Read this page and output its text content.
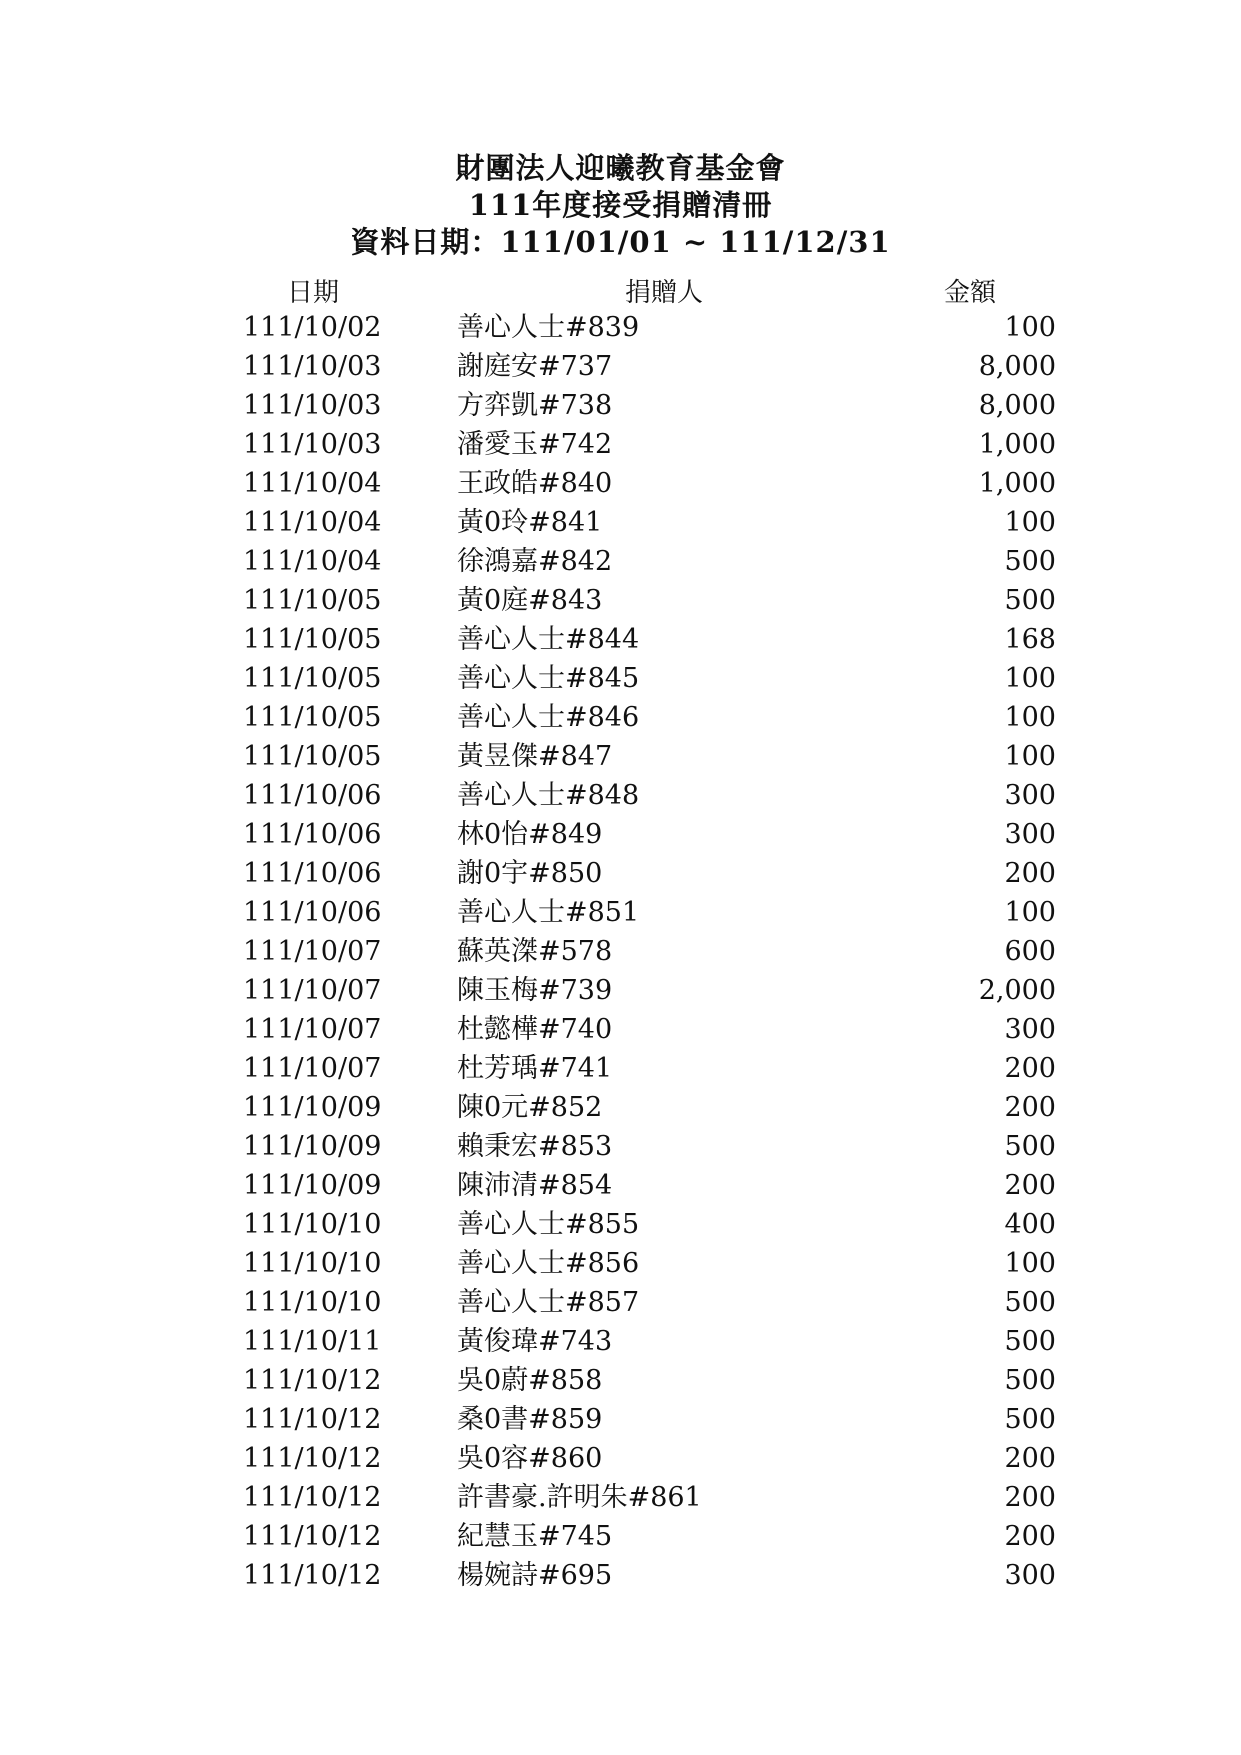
財團法人迎曦教育基金會
111年度接受捐贈清冊
資料日期：111/01/01 ~ 111/12/31
日期	捐贈人	金額
111/10/02	善心人士#839	100
111/10/03	謝庭安#737	8,000
111/10/03	方弈凱#738	8,000
111/10/03	潘愛玉#742	1,000
111/10/04	王政皓#840	1,000
111/10/04	黃0玲#841	100
111/10/04	徐鴻嘉#842	500
111/10/05	黃0庭#843	500
111/10/05	善心人士#844	168
111/10/05	善心人士#845	100
111/10/05	善心人士#846	100
111/10/05	黃昱傑#847	100
111/10/06	善心人士#848	300
111/10/06	林0怡#849	300
111/10/06	謝0宇#850	200
111/10/06	善心人士#851	100
111/10/07	蘇英滐#578	600
111/10/07	陳玉梅#739	2,000
111/10/07	杜懿樺#740	300
111/10/07	杜芳瑀#741	200
111/10/09	陳0元#852	200
111/10/09	賴秉宏#853	500
111/10/09	陳沛清#854	200
111/10/10	善心人士#855	400
111/10/10	善心人士#856	100
111/10/10	善心人士#857	500
111/10/11	黃俊瑋#743	500
111/10/12	吳0蔚#858	500
111/10/12	桑0書#859	500
111/10/12	吳0容#860	200
111/10/12	許書豪.許明朱#861	200
111/10/12	紀慧玉#745	200
111/10/12	楊婉詩#695	300
